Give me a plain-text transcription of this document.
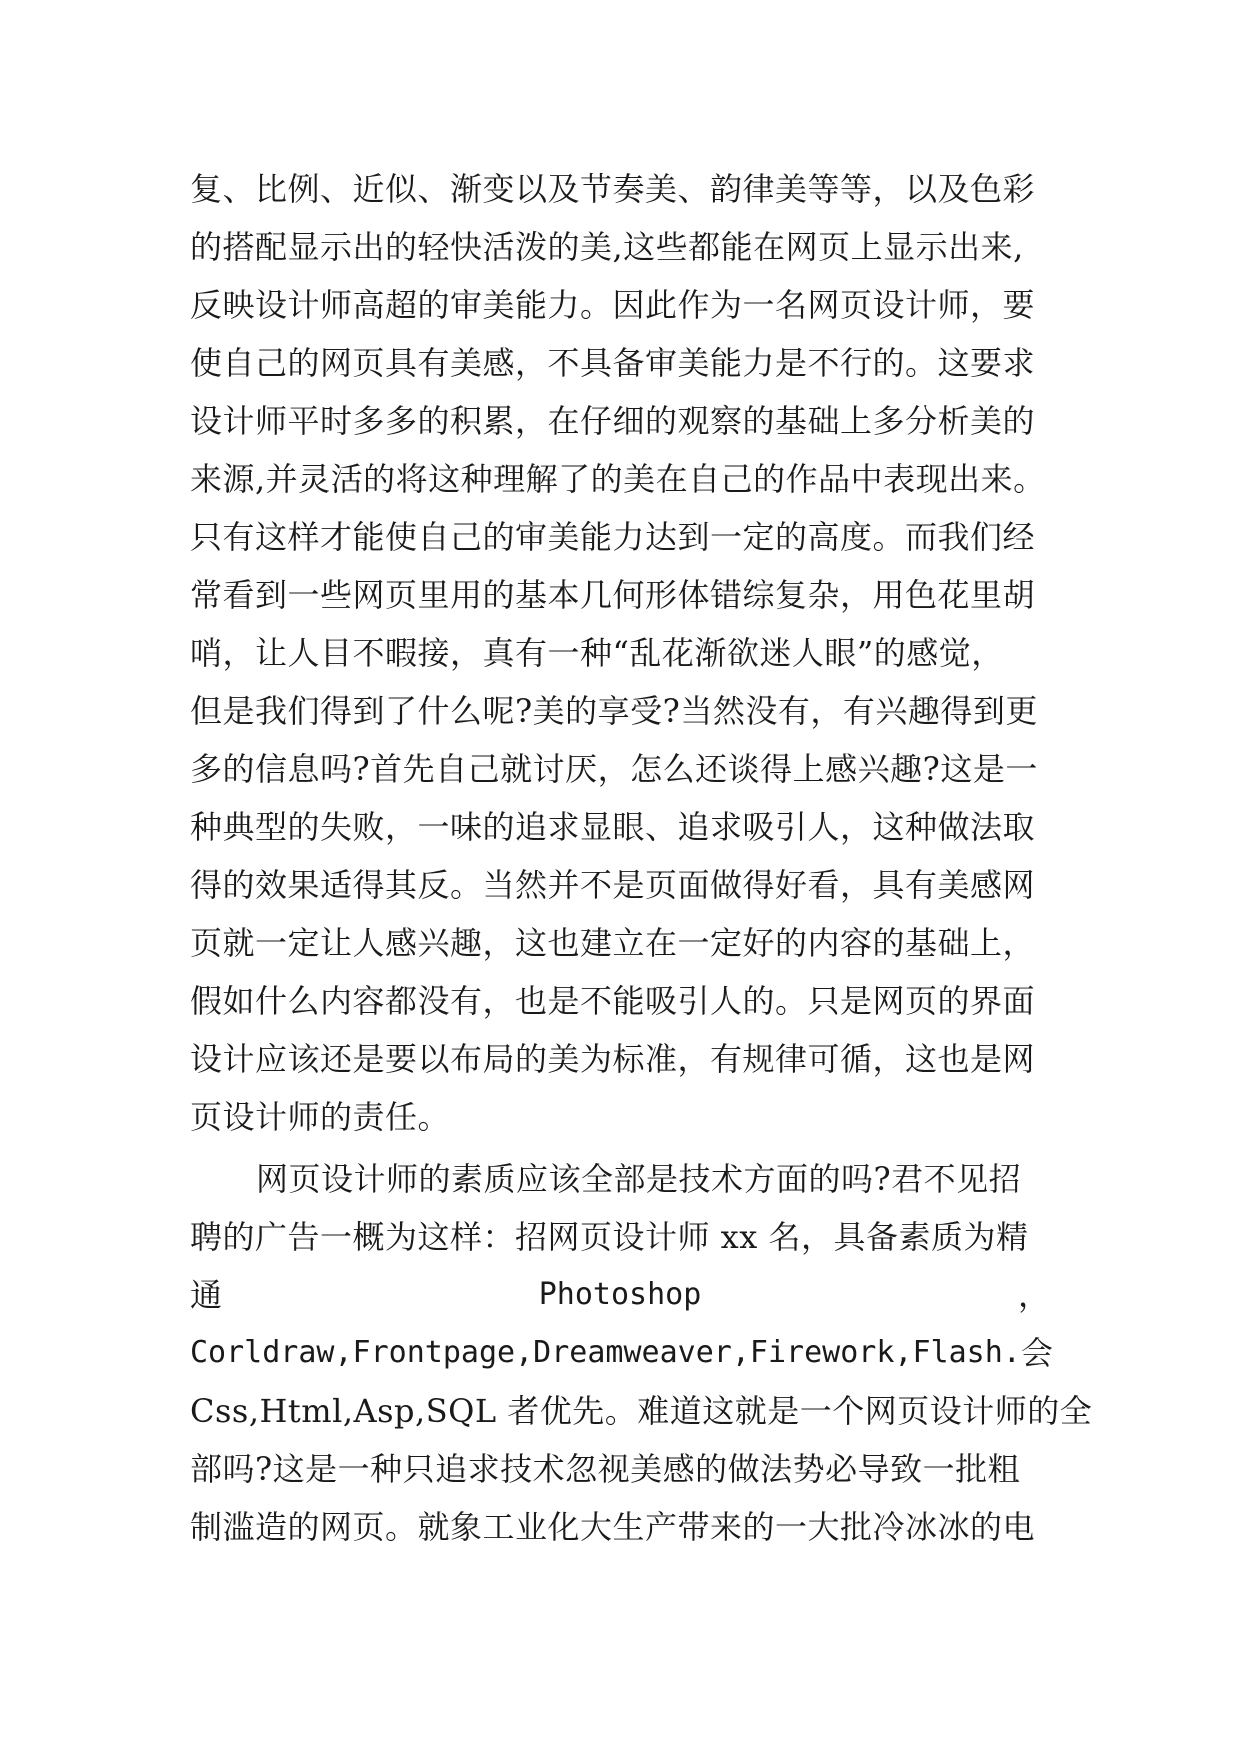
复、比例、近似、渐变以及节奏美、韵律美等等，以及色彩
的搭配显示出的轻快活泼的美,这些都能在网页上显示出来,
反映设计师高超的审美能力。因此作为一名网页设计师，要
使自己的网页具有美感，不具备审美能力是不行的。这要求
设计师平时多多的积累，在仔细的观察的基础上多分析美的
来源,并灵活的将这种理解了的美在自己的作品中表现出来。
只有这样才能使自己的审美能力达到一定的高度。而我们经
常看到一些网页里用的基本几何形体错综复杂，用色花里胡
哨，让人目不暇接，真有一种“乱花渐欲迷人眼”的感觉，
但是我们得到了什么呢?美的享受?当然没有，有兴趣得到更
多的信息吗?首先自己就讨厌，怎么还谈得上感兴趣?这是一
种典型的失败，一味的追求显眼、追求吸引人，这种做法取
得的效果适得其反。当然并不是页面做得好看，具有美感网
页就一定让人感兴趣，这也建立在一定好的内容的基础上，
假如什么内容都没有，也是不能吸引人的。只是网页的界面
设计应该还是要以布局的美为标准，有规律可循，这也是网
页设计师的责任。
网页设计师的素质应该全部是技术方面的吗?君不见招
聘的广告一概为这样：招网页设计师 xx 名，具备素质为精
通	Photoshop	，
Corldraw,Frontpage,Dreamweaver,Firework,Flash. 会
Css,Html,Asp,SQL 者优先。难道这就是一个网页设计师的全
部吗?这是一种只追求技术忽视美感的做法势必导致一批粗
制滥造的网页。就象工业化大生产带来的一大批冷冰冰的电
